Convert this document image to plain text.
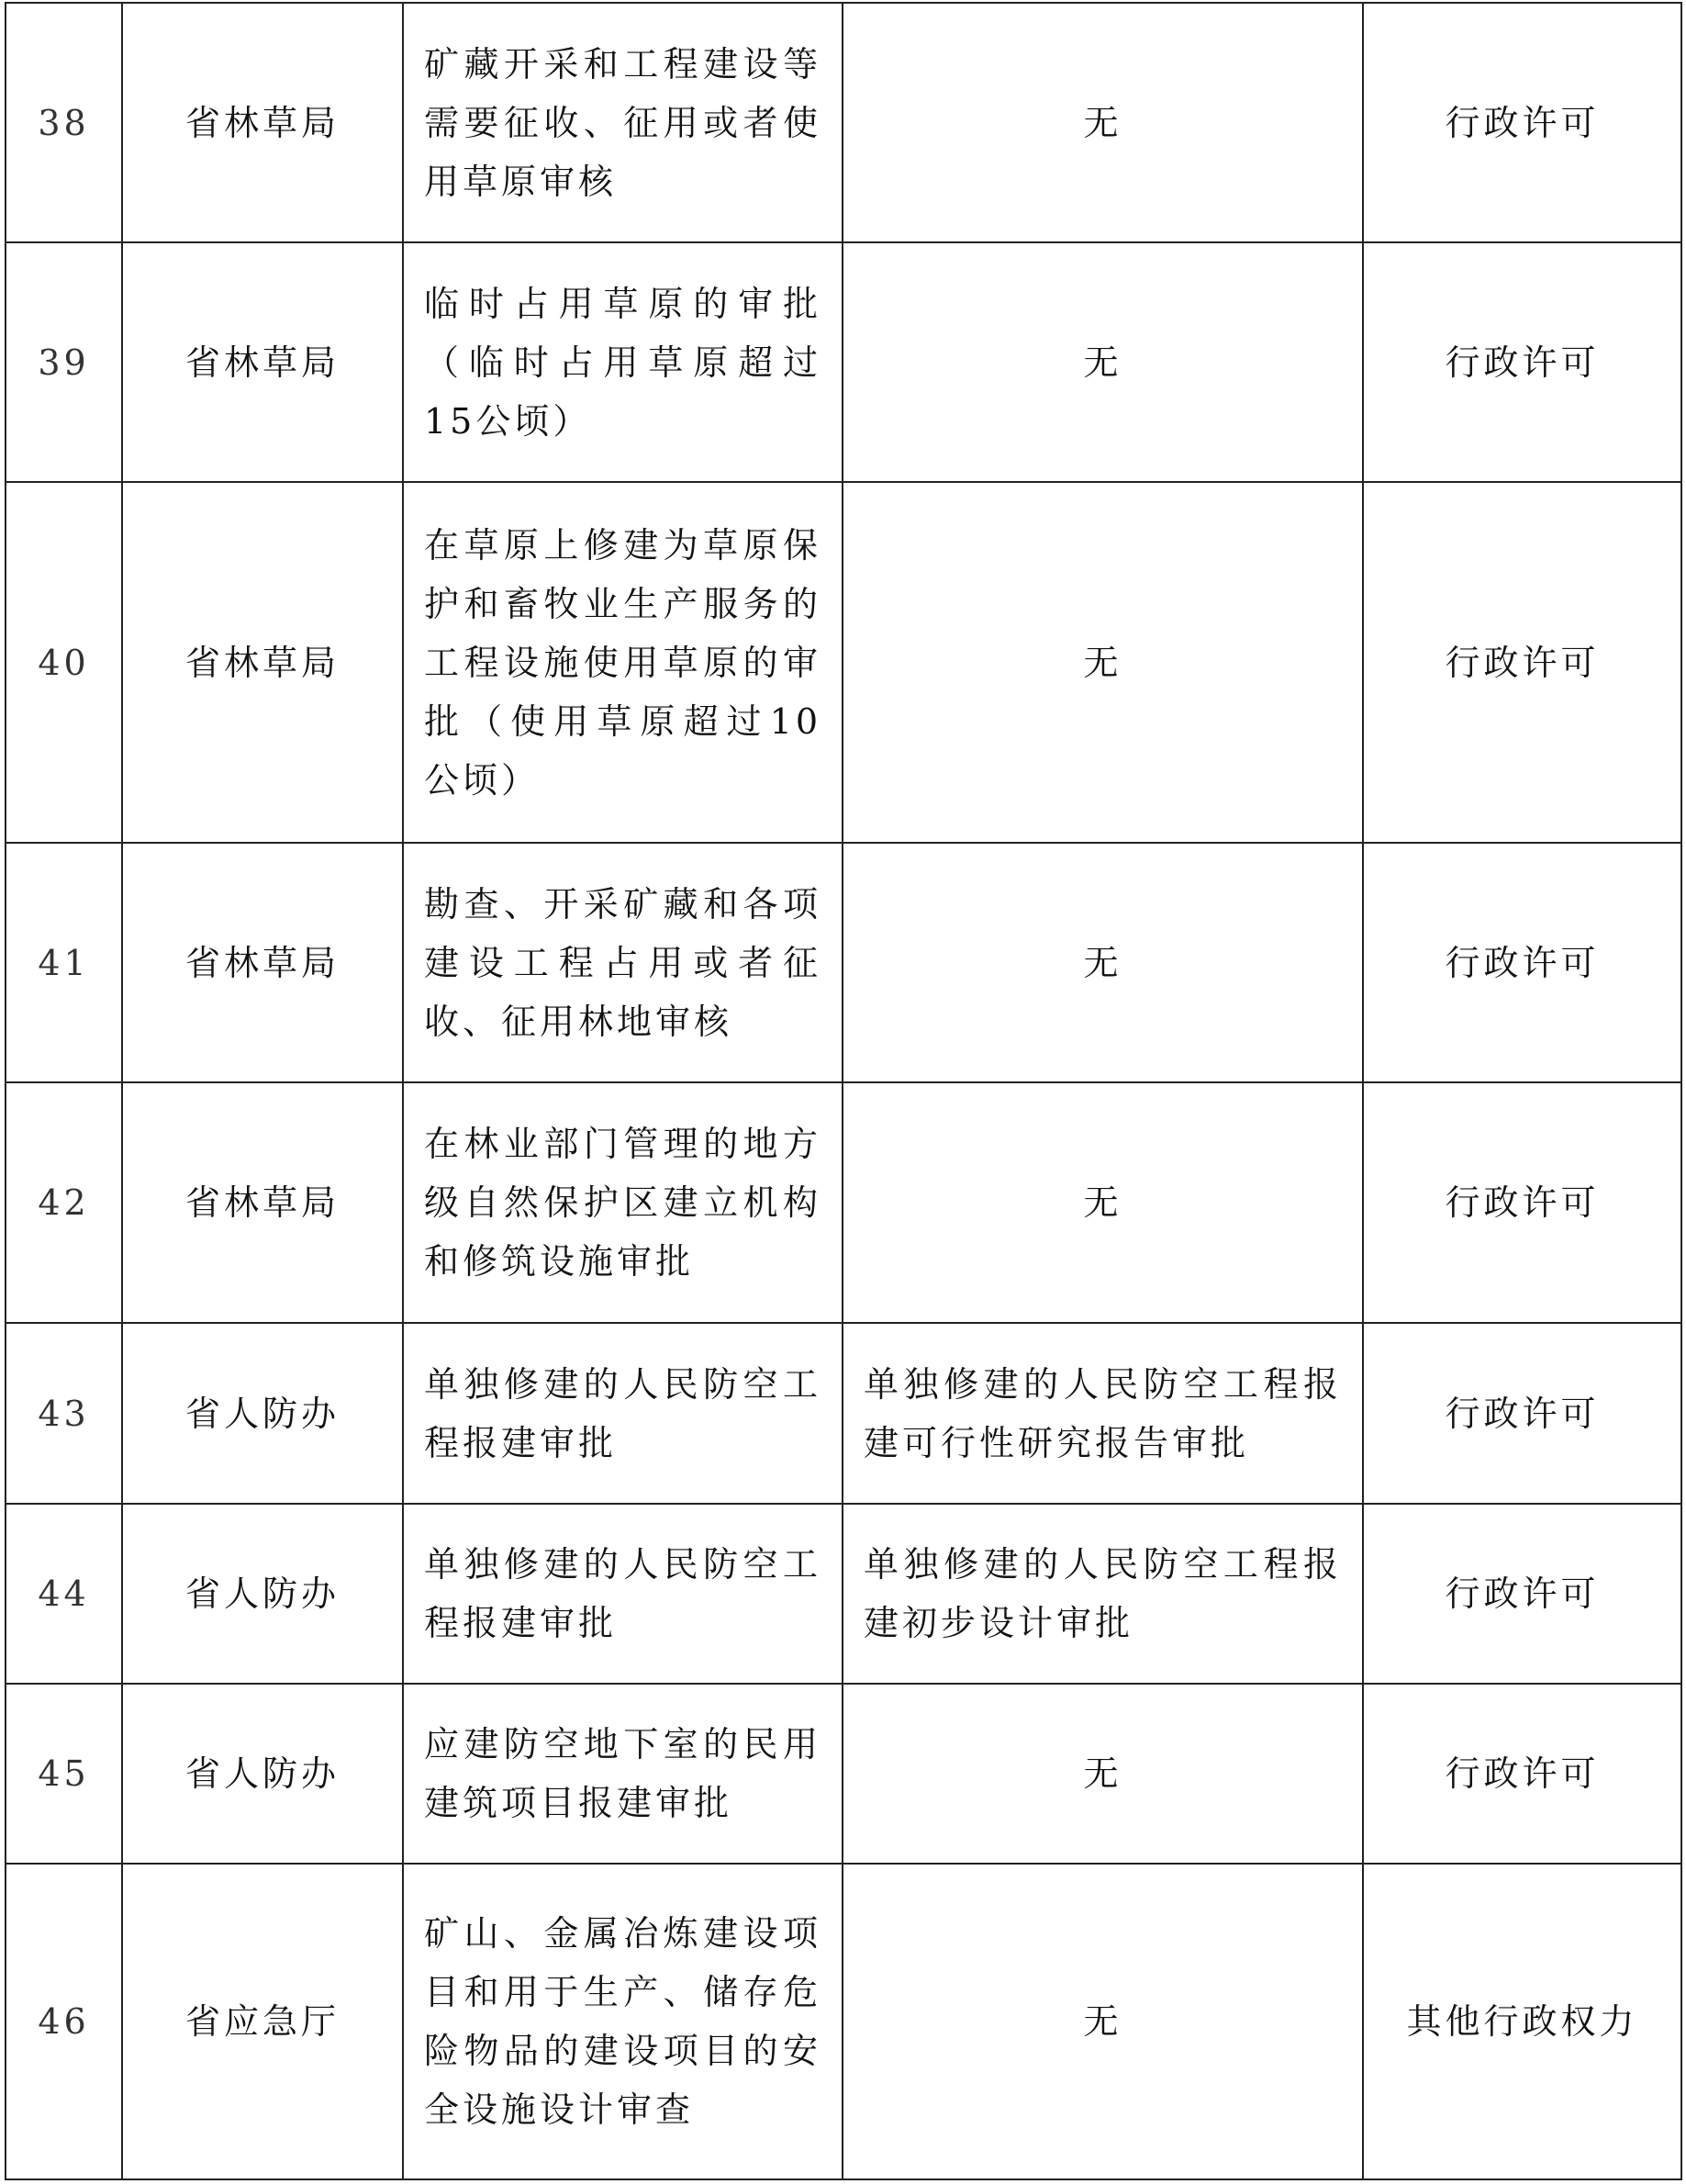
38	省林草局	矿藏开采和工程建设等需要征收、征用或者使用草原审核	无	行政许可
39	省林草局	临时占用草原的审批（临时占用草原超过15公顷）	无	行政许可
40	省林草局	在草原上修建为草原保护和畜牧业生产服务的工程设施使用草原的审批（使用草原超过10公顷）	无	行政许可
41	省林草局	勘查、开采矿藏和各项建设工程占用或者征收、征用林地审核	无	行政许可
42	省林草局	在林业部门管理的地方级自然保护区建立机构和修筑设施审批	无	行政许可
43	省人防办	单独修建的人民防空工程报建审批	单独修建的人民防空工程报建可行性研究报告审批	行政许可
44	省人防办	单独修建的人民防空工程报建审批	单独修建的人民防空工程报建初步设计审批	行政许可
45	省人防办	应建防空地下室的民用建筑项目报建审批	无	行政许可
46	省应急厅	矿山、金属冶炼建设项目和用于生产、储存危险物品的建设项目的安全设施设计审查	无	其他行政权力
